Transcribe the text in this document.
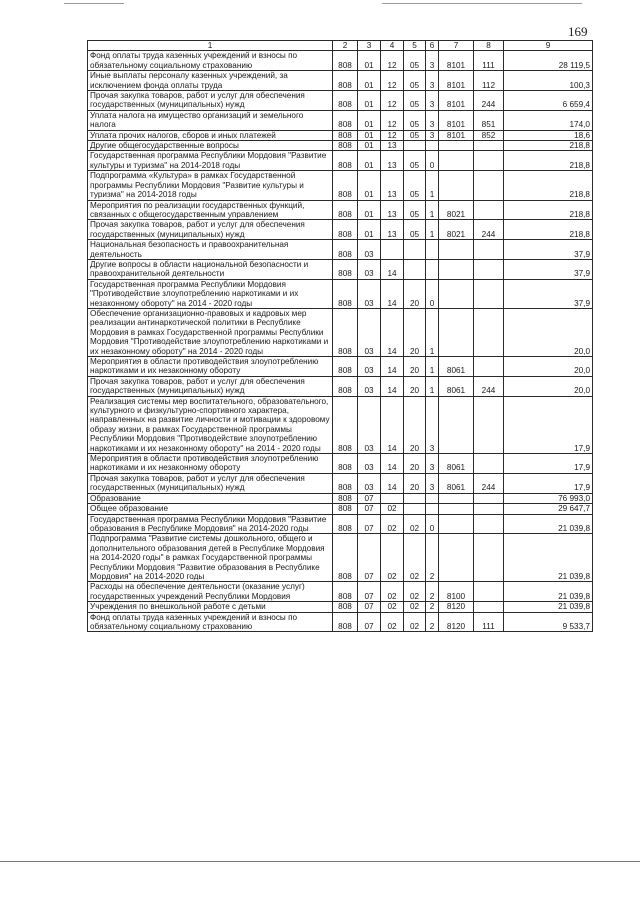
169
1	2	3	4	5	6	7	8	9
Фонд оплаты труда казенных учреждений и взносы по обязательному социальному страхованию	808	01	12	05	3	8101	111	28 119,5
Иные выплаты персоналу казенных учреждений, за исключением фонда оплаты труда	808	01	12	05	3	8101	112	100,3
Прочая закупка товаров, работ и услуг для обеспечения государственных (муниципальных) нужд	808	01	12	05	3	8101	244	6 659,4
Уплата налога на имущество организаций и земельного налога	808	01	12	05	3	8101	851	174,0
Уплата прочих налогов, сборов и иных платежей	808	01	12	05	3	8101	852	18,6
Другие общегосударственные вопросы	808	01	13					218,8
Государственная программа Республики Мордовия "Развитие культуры и туризма" на 2014-2018 годы	808	01	13	05	0			218,8
Подпрограмма «Культура» в рамках Государственной программы Республики Мордовия "Развитие культуры и туризма" на 2014-2018 годы	808	01	13	05	1			218,8
Мероприятия по реализации государственных функций, связанных с общегосударственным управлением	808	01	13	05	1	8021		218,8
Прочая закупка товаров, работ и услуг для обеспечения государственных (муниципальных) нужд	808	01	13	05	1	8021	244	218,8
Национальная безопасность и правоохранительная деятельность	808	03						37,9
Другие вопросы в области национальной безопасности и правоохранительной деятельности	808	03	14					37,9
Государственная программа Республики Мордовия "Противодействие злоупотреблению наркотиками и их незаконному обороту" на 2014 - 2020 годы	808	03	14	20	0			37,9
Обеспечение организационно-правовых и кадровых мер реализации антинаркотической политики в Республике Мордовия в рамках Государственной программы Республики Мордовия "Противодействие злоупотреблению наркотиками и их незаконному обороту" на 2014 - 2020 годы	808	03	14	20	1			20,0
Мероприятия в области противодействия злоупотреблению наркотиками и их незаконному обороту	808	03	14	20	1	8061		20,0
Прочая закупка товаров, работ и услуг для обеспечения государственных (муниципальных) нужд	808	03	14	20	1	8061	244	20,0
Реализация системы мер воспитательного, образовательного, культурного и физкультурно-спортивного характера, направленных на развитие личности и мотивации к здоровому образу жизни, в рамках Государственной программы Республики Мордовия "Противодействие злоупотреблению наркотиками и их незаконному обороту" на 2014 - 2020 годы	808	03	14	20	3			17,9
Мероприятия в области противодействия злоупотреблению наркотиками и их незаконному обороту	808	03	14	20	3	8061		17,9
Прочая закупка товаров, работ и услуг для обеспечения государственных (муниципальных) нужд	808	03	14	20	3	8061	244	17,9
Образование	808	07						76 993,0
Общее образование	808	07	02					29 647,7
Государственная программа Республики Мордовия "Развитие образования в Республике Мордовия" на 2014-2020 годы	808	07	02	02	0			21 039,8
Подпрограмма "Развитие системы дошкольного, общего и дополнительного образования детей в Республике Мордовия на 2014-2020 годы" в рамках Государственной программы Республики Мордовия "Развитие образования в Республике Мордовия" на 2014-2020 годы	808	07	02	02	2			21 039,8
Расходы на обеспечение деятельности (оказание услуг) государственных учреждений Республики Мордовия	808	07	02	02	2	8100		21 039,8
Учреждения по внешкольной работе с детьми	808	07	02	02	2	8120		21 039,8
Фонд оплаты труда казенных учреждений и взносы по обязательному социальному страхованию	808	07	02	02	2	8120	111	9 533,7
